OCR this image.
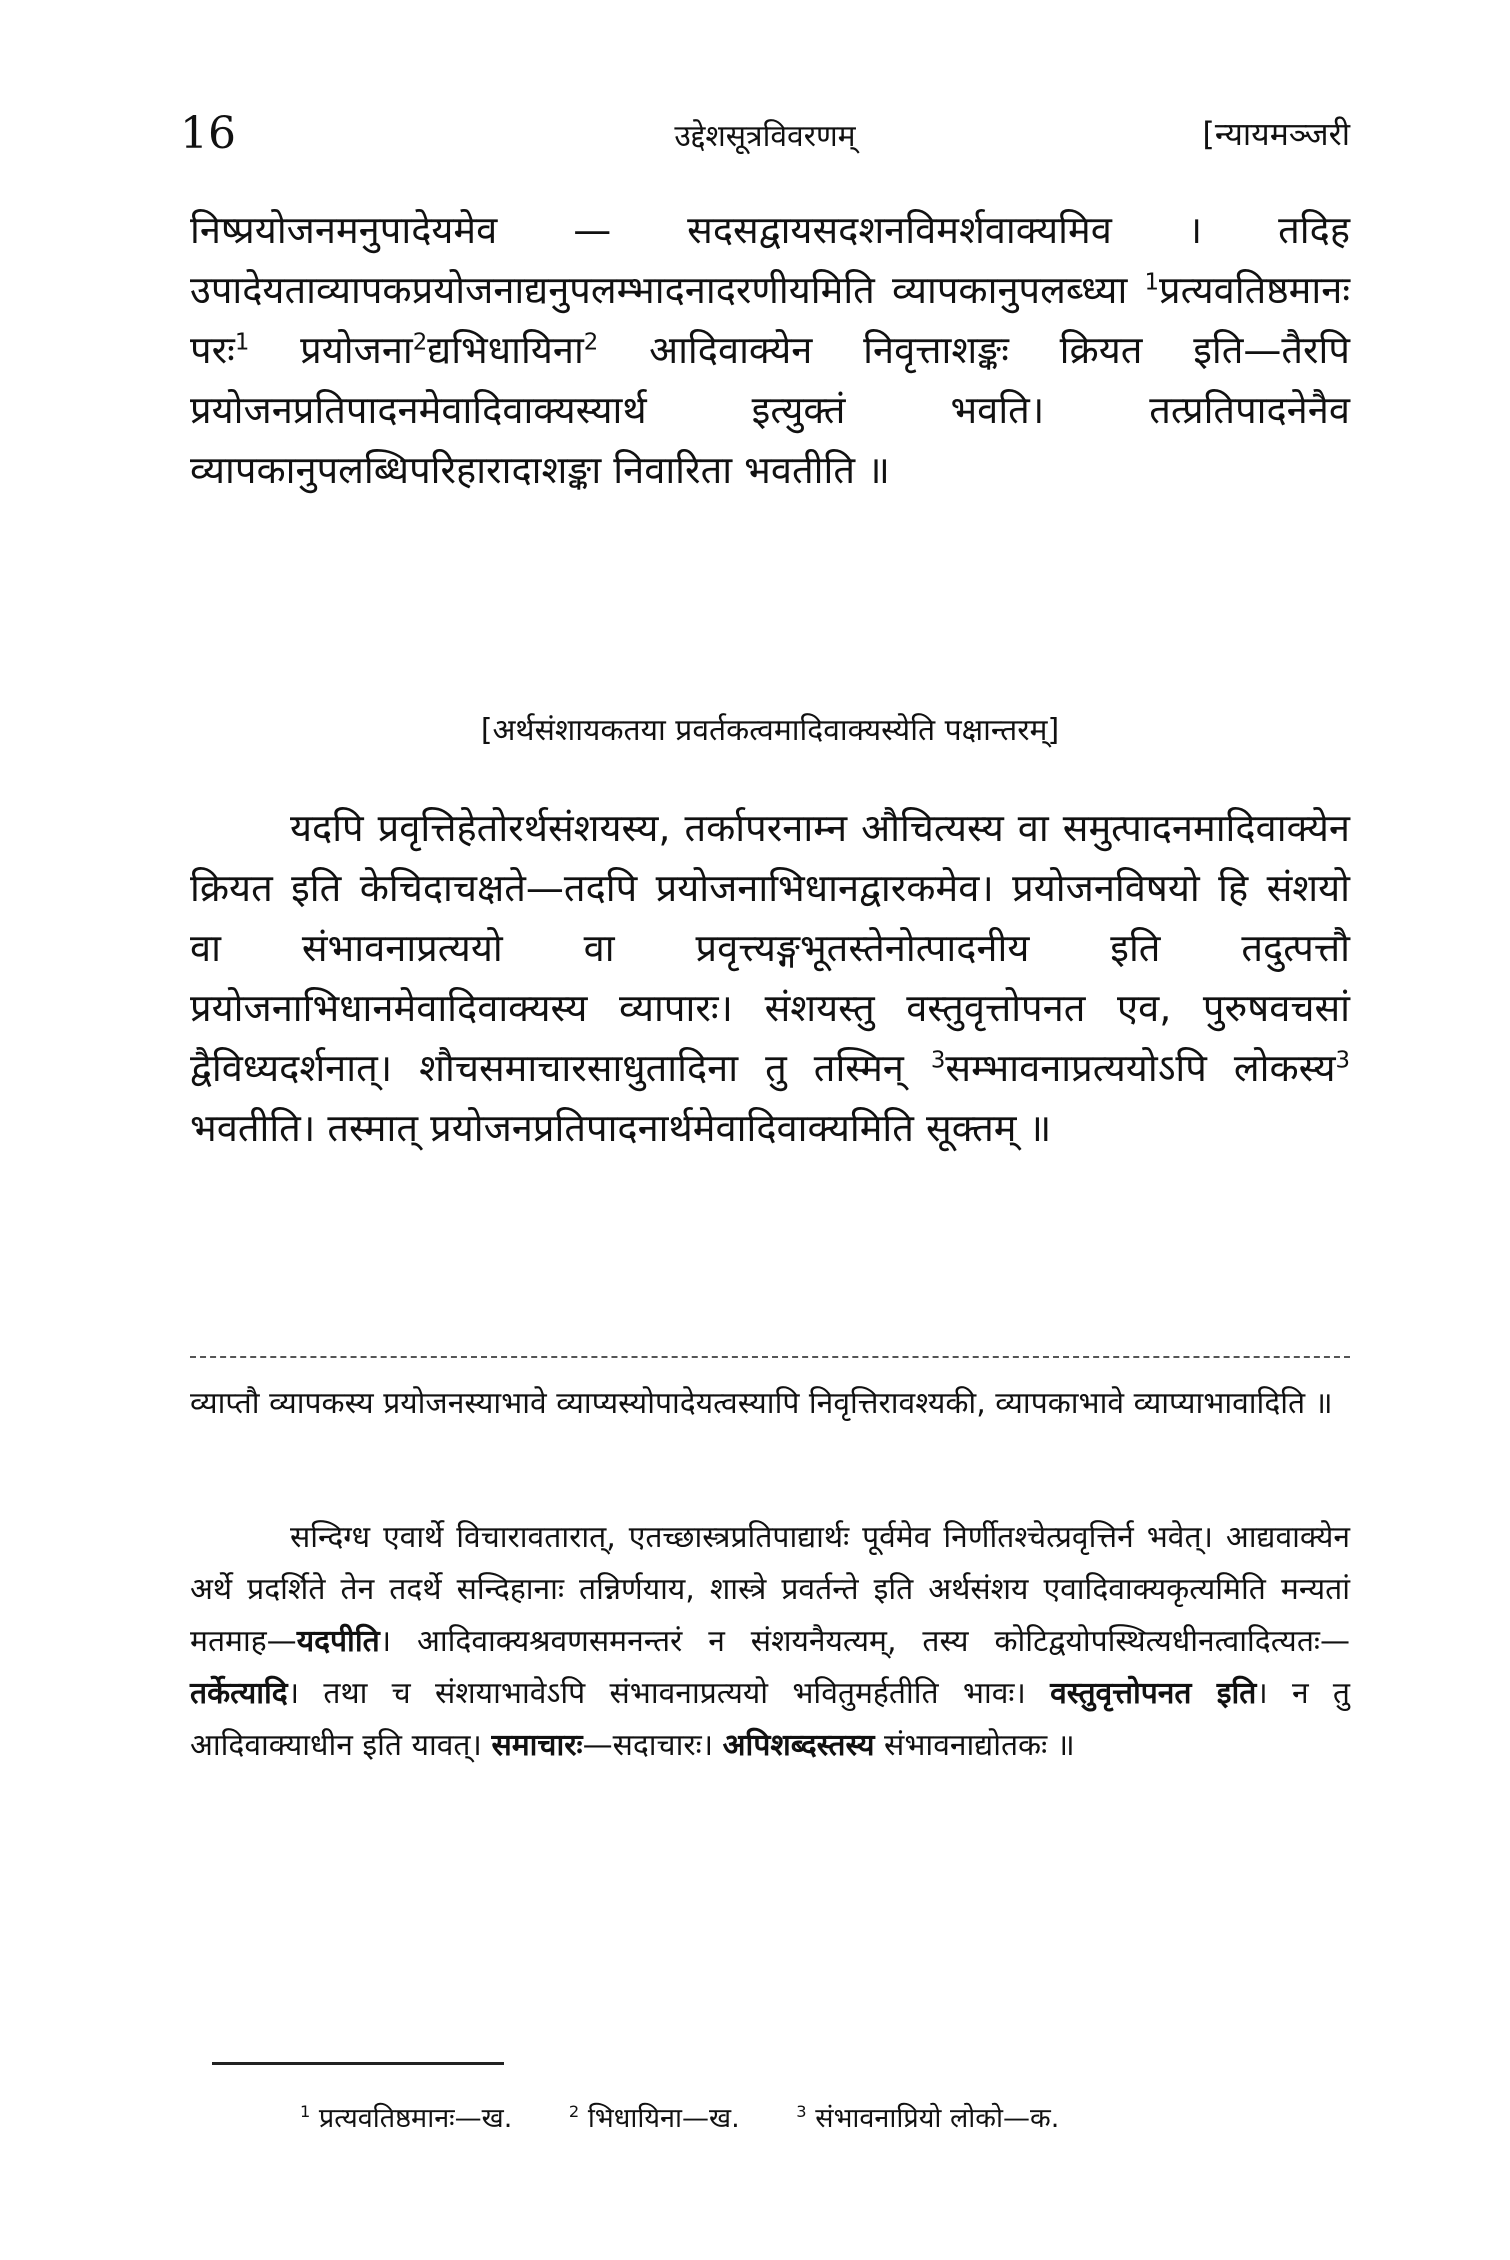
16	उद्देशसूत्रविवरणम्	[न्यायमञ्जरी

निष्प्रयोजनमनुपादेयमेव — सदसद्वायसदशनविमर्शवाक्यमिव । तदिह उपादेयताव्यापकप्रयोजनाद्यनुपलम्भादनादरणीयमिति व्यापकानुपलब्ध्या $^1$प्रत्यवतिष्ठमानः परः$^1$ प्रयोजना$^2$द्यभिधायिना$^2$ आदिवाक्येन निवृत्ताशङ्कः क्रियत इति—तैरपि प्रयोजनप्रतिपादनमेवादिवाक्यस्यार्थ इत्युक्तं भवति। तत्प्रतिपादनेनैव व्यापकानुपलब्धिपरिहारादाशङ्का निवारिता भवतीति ॥

[अर्थसंशायकतया प्रवर्तकत्वमादिवाक्यस्येति पक्षान्तरम्]

यदपि प्रवृत्तिहेतोरर्थसंशयस्य, तर्कापरनाम्न औचित्यस्य वा समुत्पादनमादिवाक्येन क्रियत इति केचिदाचक्षते—तदपि प्रयोजनाभिधानद्वारकमेव। प्रयोजनविषयो हि संशयो वा संभावनाप्रत्ययो वा प्रवृत्त्यङ्गभूतस्तेनोत्पादनीय इति तदुत्पत्तौ प्रयोजनाभिधानमेवादिवाक्यस्य व्यापारः। संशयस्तु वस्तुवृत्तोपनत एव, पुरुषवचसां द्वैविध्यदर्शनात्। शौचसमाचारसाधुतादिना तु तस्मिन् $^3$सम्भावनाप्रत्ययोऽपि लोकस्य$^3$ भवतीति। तस्मात् प्रयोजनप्रतिपादनार्थमेवादिवाक्यमिति सूक्तम् ॥

व्याप्तौ व्यापकस्य प्रयोजनस्याभावे व्याप्यस्योपादेयत्वस्यापि निवृत्तिरावश्यकी, व्यापकाभावे व्याप्याभावादिति ॥

सन्दिग्ध एवार्थे विचारावतारात्, एतच्छास्त्रप्रतिपाद्यार्थः पूर्वमेव निर्णीतश्चेत्प्रवृत्तिर्न भवेत्। आद्यवाक्येन अर्थे प्रदर्शिते तेन तदर्थे सन्दिहानाः तन्निर्णयाय, शास्त्रे प्रवर्तन्ते इति अर्थसंशय एवादिवाक्यकृत्यमिति मन्यतां मतमाह—यदपीति। आदिवाक्यश्रवणसमनन्तरं न संशयनैयत्यम्, तस्य कोटिद्वयोपस्थित्यधीनत्वादित्यतः—तर्केत्यादि। तथा च संशयाभावेऽपि संभावनाप्रत्ययो भवितुमर्हतीति भावः। वस्तुवृत्तोपनत इति। न तु आदिवाक्याधीन इति यावत्। समाचारः—सदाचारः। अपिशब्दस्तस्य संभावनाद्योतकः ॥

$^1$ प्रत्यवतिष्ठमानः—ख.	$^2$ भिधायिना—ख.	$^3$ संभावनाप्रियो लोको—क.
